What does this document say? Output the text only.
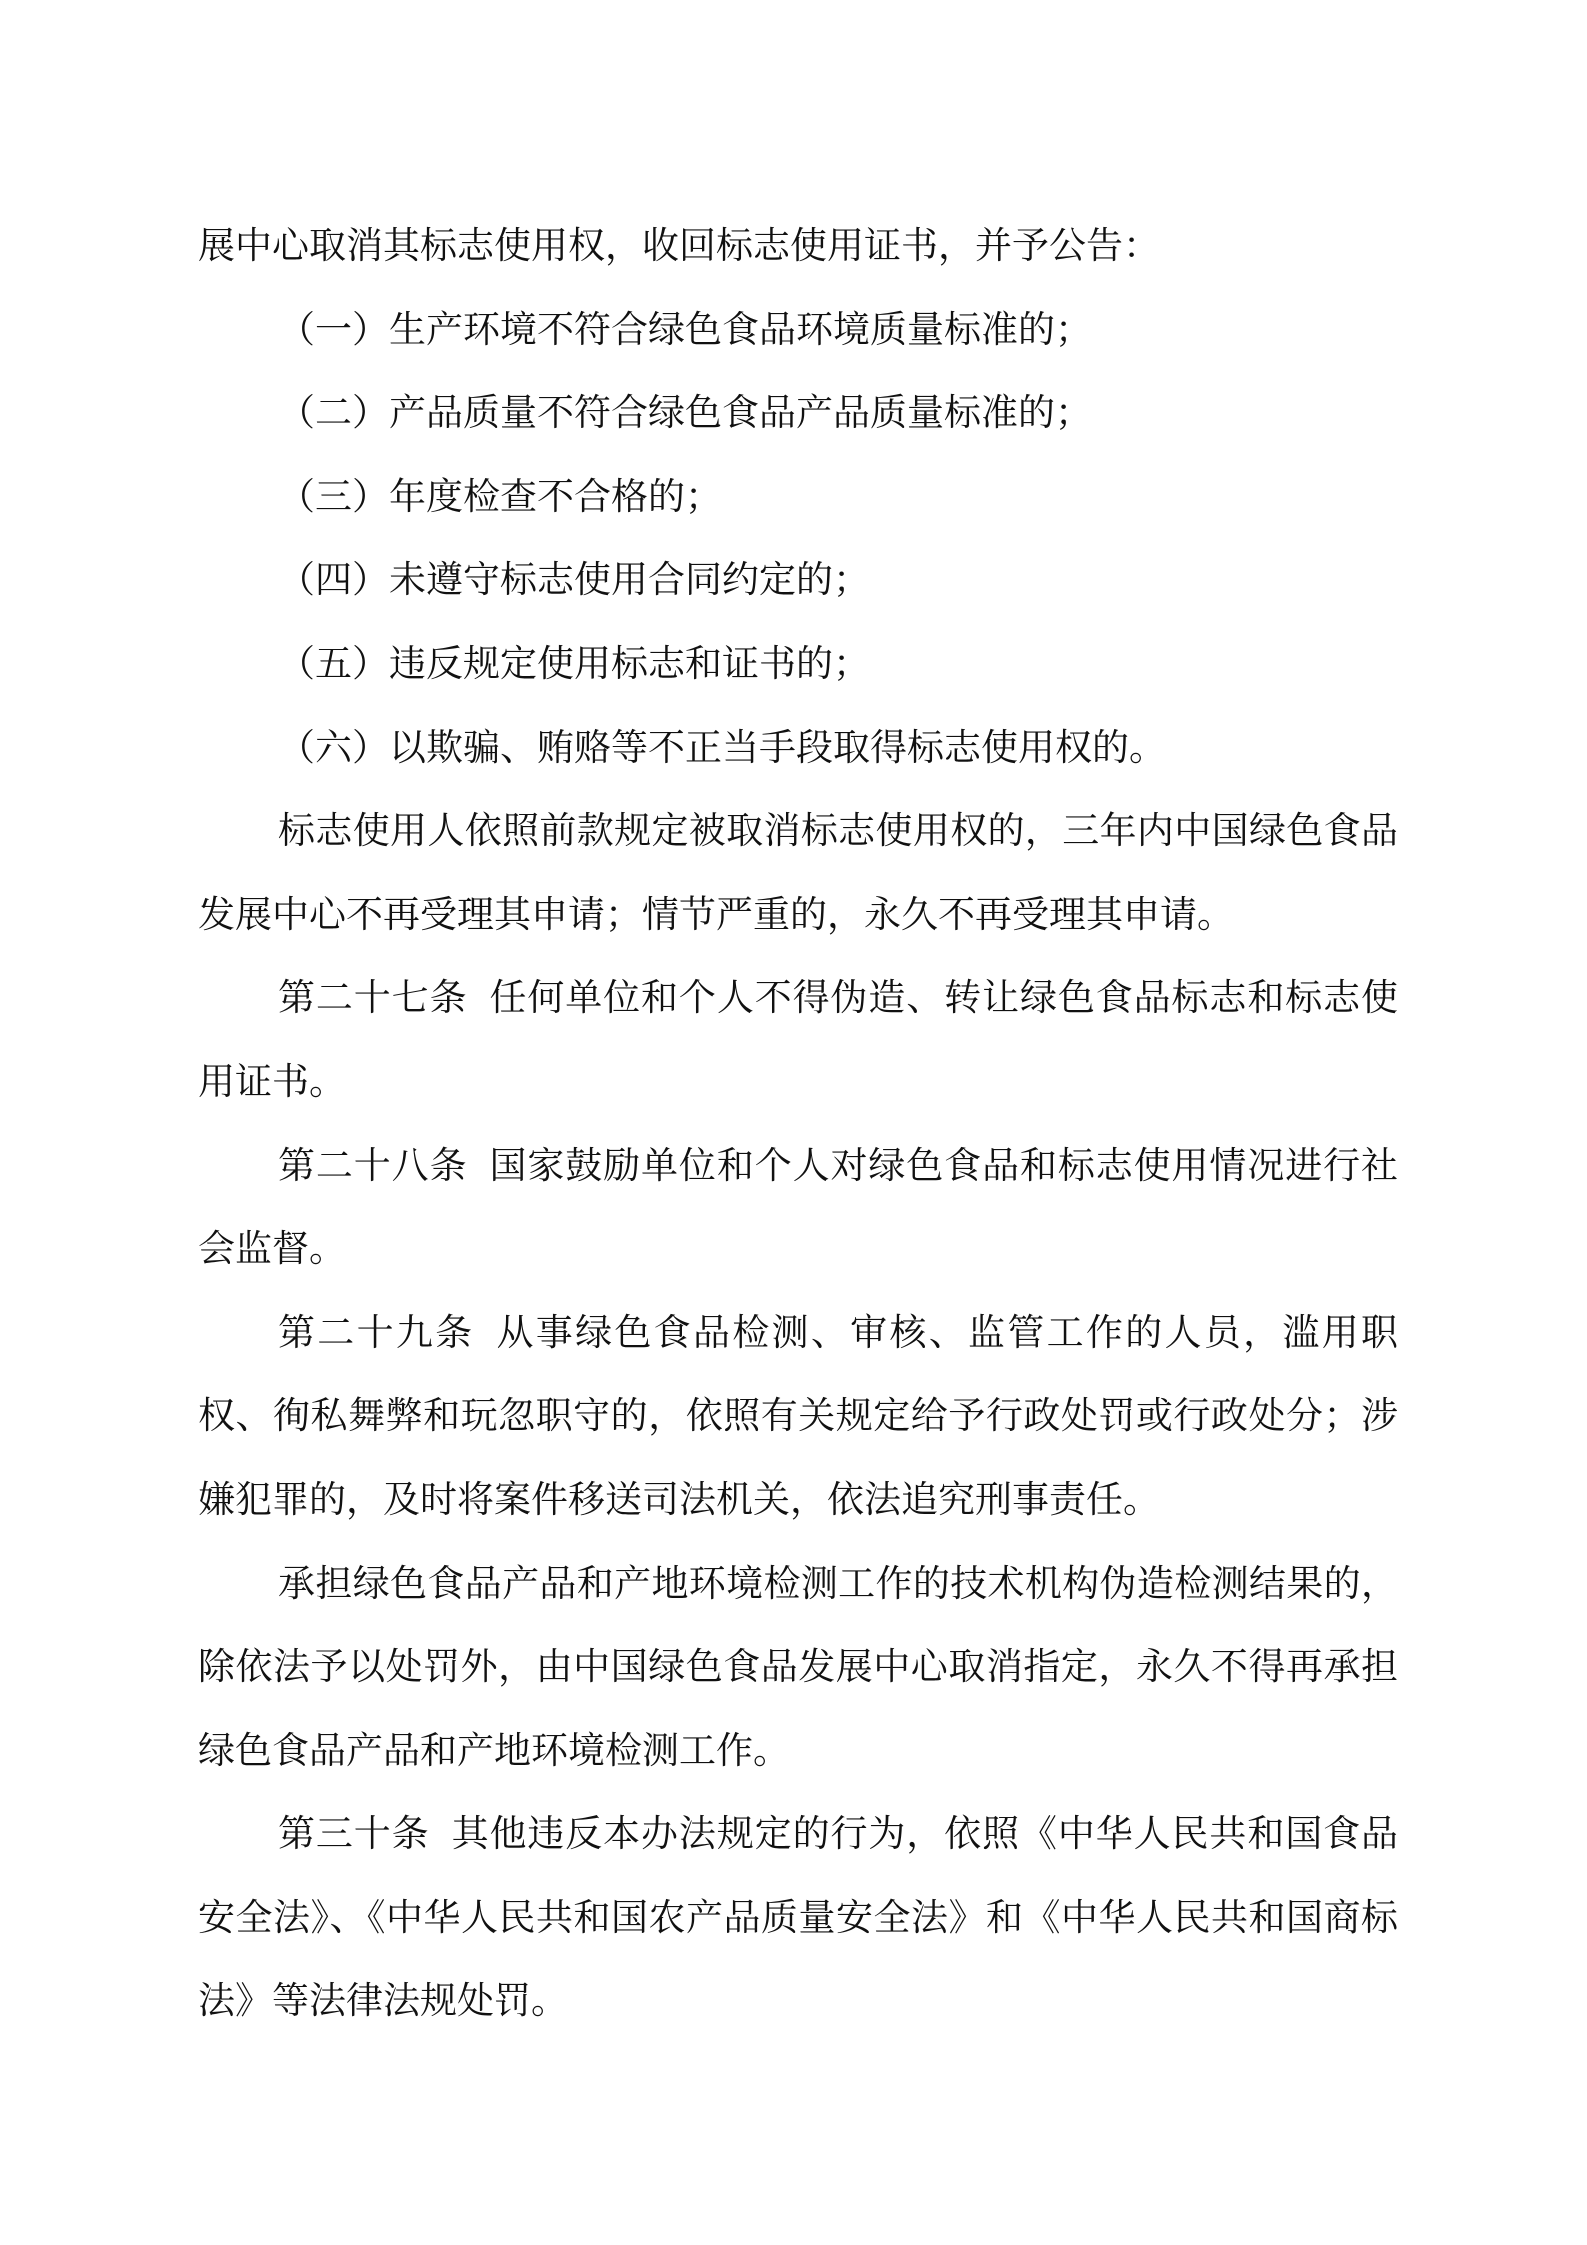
展中心取消其标志使用权，收回标志使用证书，并予公告：

（一）生产环境不符合绿色食品环境质量标准的；

（二）产品质量不符合绿色食品产品质量标准的；

（三）年度检查不合格的；

（四）未遵守标志使用合同约定的；

（五）违反规定使用标志和证书的；

（六）以欺骗、贿赂等不正当手段取得标志使用权的。

标志使用人依照前款规定被取消标志使用权的，三年内中国绿色食品发展中心不再受理其申请；情节严重的，永久不再受理其申请。

第二十七条 任何单位和个人不得伪造、转让绿色食品标志和标志使用证书。

第二十八条 国家鼓励单位和个人对绿色食品和标志使用情况进行社会监督。

第二十九条 从事绿色食品检测、审核、监管工作的人员，滥用职权、徇私舞弊和玩忽职守的，依照有关规定给予行政处罚或行政处分；涉嫌犯罪的，及时将案件移送司法机关，依法追究刑事责任。

承担绿色食品产品和产地环境检测工作的技术机构伪造检测结果的，除依法予以处罚外，由中国绿色食品发展中心取消指定，永久不得再承担绿色食品产品和产地环境检测工作。

第三十条 其他违反本办法规定的行为，依照《中华人民共和国食品安全法》、《中华人民共和国农产品质量安全法》和《中华人民共和国商标法》等法律法规处罚。
